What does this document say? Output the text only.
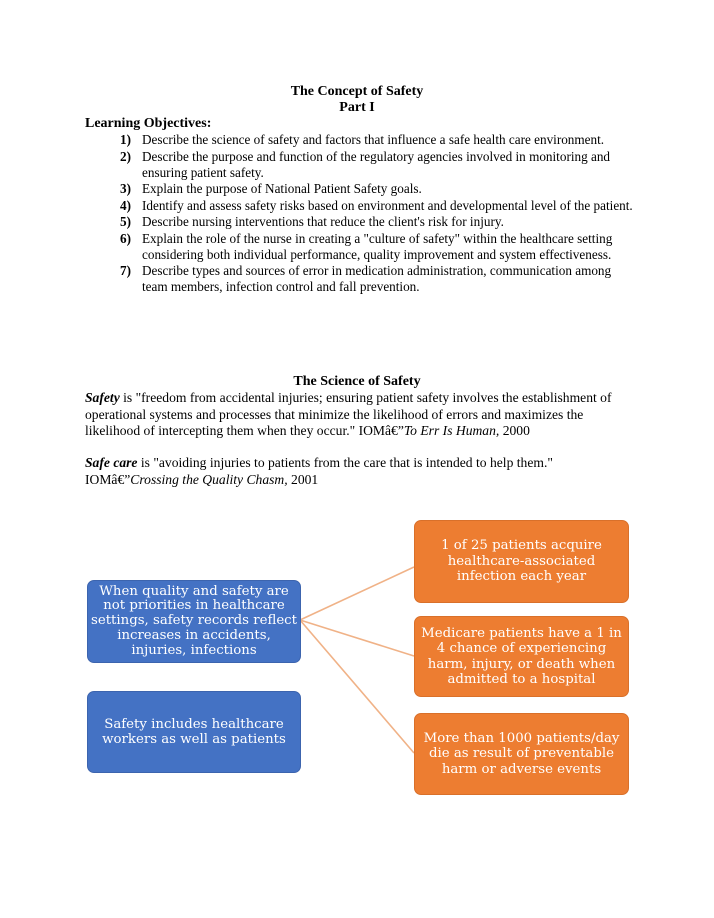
The Concept of Safety
Part I
Learning Objectives:
1) Describe the science of safety and factors that influence a safe health care environment.
2) Describe the purpose and function of the regulatory agencies involved in monitoring and ensuring patient safety.
3) Explain the purpose of National Patient Safety goals.
4) Identify and assess safety risks based on environment and developmental level of the patient.
5) Describe nursing interventions that reduce the client's risk for injury.
6) Explain the role of the nurse in creating a "culture of safety" within the healthcare setting considering both individual performance, quality improvement and system effectiveness.
7) Describe types and sources of error in medication administration, communication among team members, infection control and fall prevention.
The Science of Safety
Safety is "freedom from accidental injuries; ensuring patient safety involves the establishment of operational systems and processes that minimize the likelihood of errors and maximizes the likelihood of intercepting them when they occur." IOMâ€”To Err Is Human, 2000
Safe care is "avoiding injuries to patients from the care that is intended to help them." IOMâ€”Crossing the Quality Chasm, 2001
When quality and safety are not priorities in healthcare settings, safety records reflect increases in accidents, injuries, infections
Safety includes healthcare workers as well as patients
1 of 25 patients acquire healthcare-associated infection each year
Medicare patients have a 1 in 4 chance of experiencing harm, injury, or death when admitted to a hospital
More than 1000 patients/day die as result of preventable harm or adverse events
